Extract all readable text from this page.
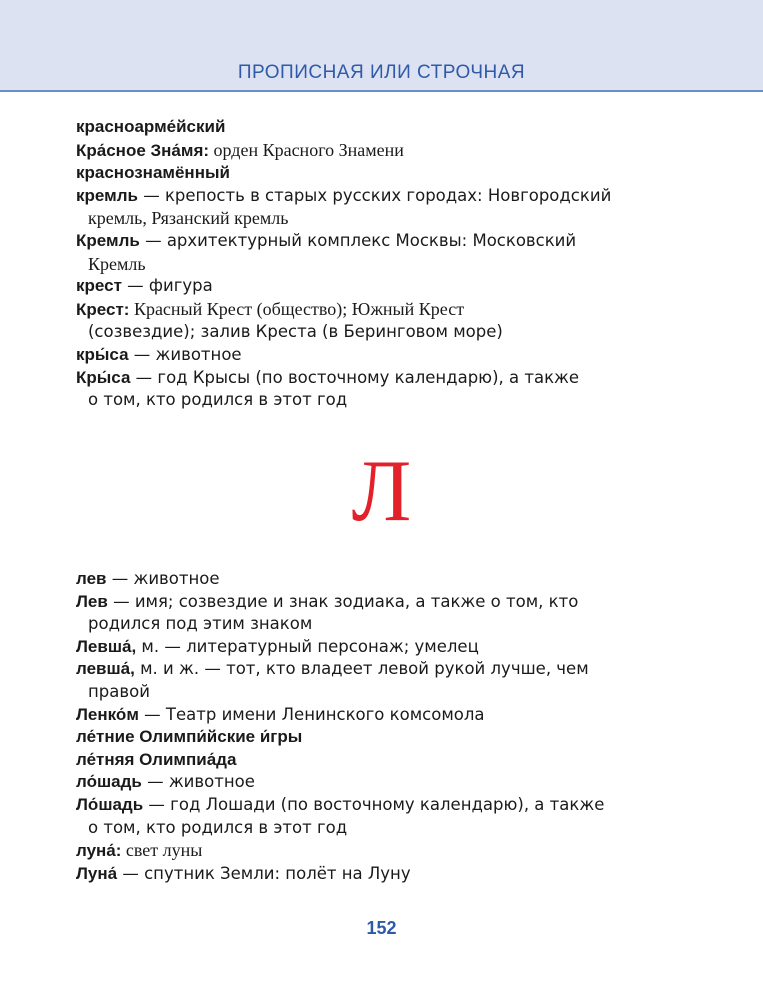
ПРОПИСНАЯ ИЛИ СТРОЧНАЯ
красноарме́йский
Кра́сное Зна́мя: орден Красного Знамени
краснознамённый
кремль — крепость в старых русских городах: Новгородский
кремль, Рязанский кремль
Кремль — архитектурный комплекс Москвы: Московский
Кремль
крест — фигура
Крест: Красный Крест (общество); Южный Крест
(созвездие); залив Креста (в Беринговом море)
кры́са — животное
Кры́са — год Крысы (по восточному календарю), а также
о том, кто родился в этот год
Л
лев — животное
Лев — имя; созвездие и знак зодиака, а также о том, кто
родился под этим знаком
Левша́, м. — литературный персонаж; умелец
левша́, м. и ж. — тот, кто владеет левой рукой лучше, чем
правой
Ленко́м — Театр имени Ленинского комсомола
ле́тние Олимпи́йские и́гры
ле́тняя Олимпиа́да
ло́шадь — животное
Ло́шадь — год Лошади (по восточному календарю), а также
о том, кто родился в этот год
луна́: свет луны
Луна́ — спутник Земли: полёт на Луну
152
